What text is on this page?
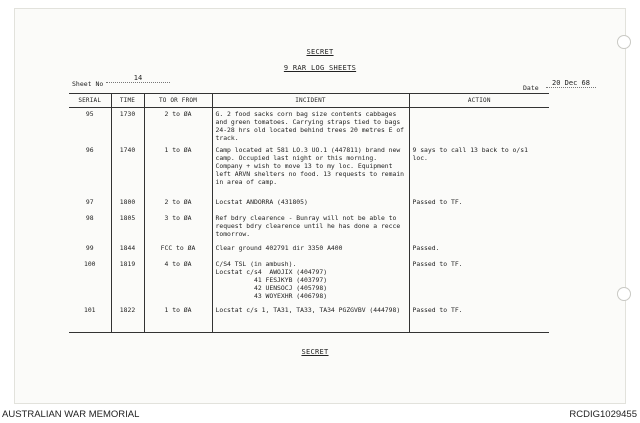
SECRET
9 RAR LOG SHEETS
Sheet No
14
Date
20 Dec 68
SERIAL	TIME	TO OR FROM	INCIDENT	ACTION
95	1730	2 to ØA	G. 2 food sacks corn bag size contents cabbages and green tomatoes. Carrying straps tied to bags 24-28 hrs old located behind trees 20 metres E of track.	
96	1740	1 to ØA	Camp located at 581 LO.3 UO.1 (447811) brand new camp. Occupied last night or this morning. Company + wish to move 13 to my loc. Equipment left ARVN shelters no food. 13 requests to remain in area of camp.	9 says to call 13 back to o/s1 loc.
97	1800	2 to ØA	Locstat ANDORRA (431805)	Passed to TF.
98	1805	3 to ØA	Ref bdry clearence - Bunray will not be able to request bdry clearence until he has done a recce tomorrow.	
99	1844	FCC to ØA	Clear ground 402791 dir 3350 A400	Passed.
100	1819	4 to ØA	C/S4 TSL (in ambush).
Locstat c/s4  AWOJIX (404797)
41 FESJKYB (403797)
42 UENSOCJ (405798)
43 WOYEXHR (406798)	Passed to TF.
101	1822	1 to ØA	Locstat c/s 1, TA31, TA33, TA34 PGZGVBV (444798)	Passed to TF.
SECRET
AUSTRALIAN WAR MEMORIAL	RCDIG1029455
